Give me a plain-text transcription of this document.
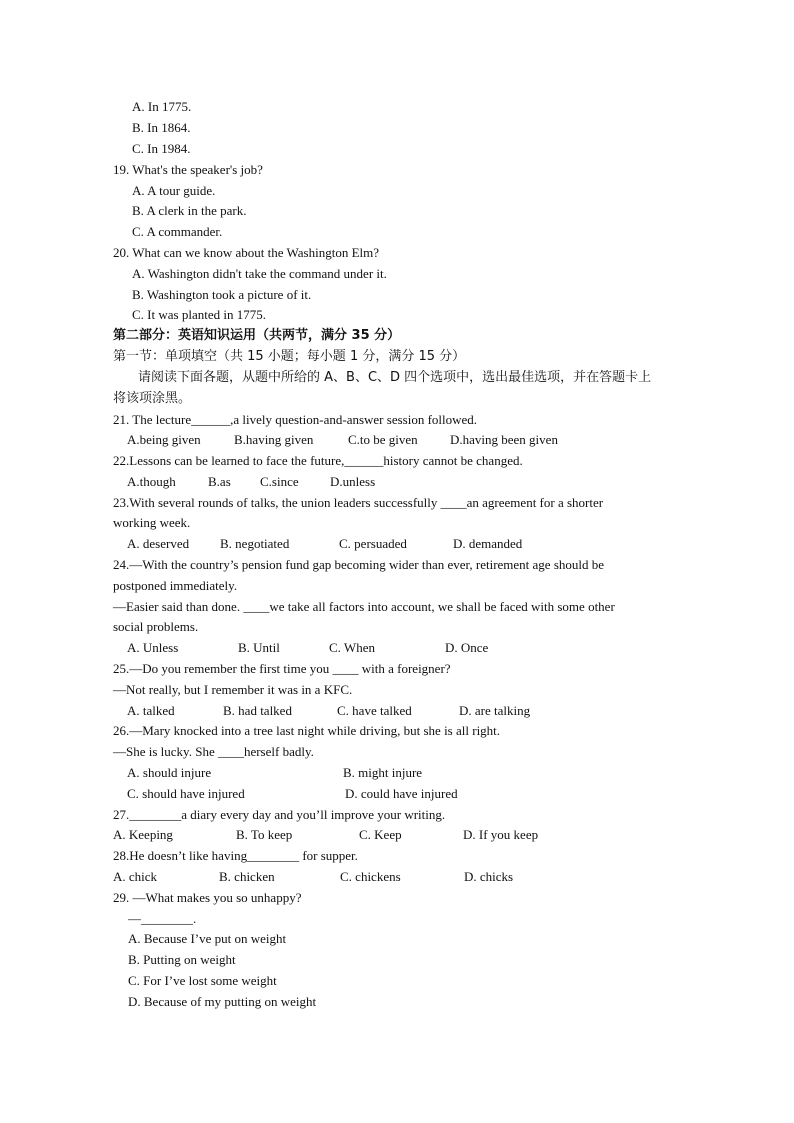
A. In 1775.
B. In 1864.
C. In 1984.
19. What's the speaker's job?
A. A tour guide.
B. A clerk in the park.
C. A commander.
20. What can we know about the Washington Elm?
A. Washington didn't take the command under it.
B. Washington took a picture of it.
C. It was planted in 1775.
第二部分：英语知识运用（共两节，满分 35 分）
第一节：单项填空（共 15 小题；每小题 1 分，满分 15 分）
请阅读下面各题，从题中所给的 A、B、C、D 四个选项中，选出最佳选项，并在答题卡上
将该项涂黑。
21. The lecture______,a lively question-and-answer session followed.
A.being given	B.having given	C.to be given D.having been given
22.Lessons can be learned to face the future,______history cannot be changed.
A.though B.as C.since D.unless
23.With several rounds of talks, the union leaders successfully ____an agreement for a shorter
working week.
A. deserved B. negotiated	C. persuaded	D. demanded
24.—With the country’s pension fund gap becoming wider than ever, retirement age should be
postponed immediately.
—Easier said than done. ____we take all factors into account, we shall be faced with some other
social problems.
A. Unless	B. Until	C. When	D. Once
25.—Do you remember the first time you ____ with a foreigner?
—Not really, but I remember it was in a KFC.
A. talked	B. had talked	C. have talked	D. are talking
26.—Mary knocked into a tree last night while driving, but she is all right.
—She is lucky. She ____herself badly.
A. should injure	B. might injure
C. should have injured	D. could have injured
27.________a diary every day and you’ll improve your writing.
A. Keeping	B. To keep	C. Keep	D. If you keep
28.He doesn’t like having________ for supper.
A. chick	B. chicken	C. chickens	D. chicks
29. —What makes you so unhappy?
—________.
A. Because I’ve put on weight
B. Putting on weight
C. For I’ve lost some weight
D. Because of my putting on weight
